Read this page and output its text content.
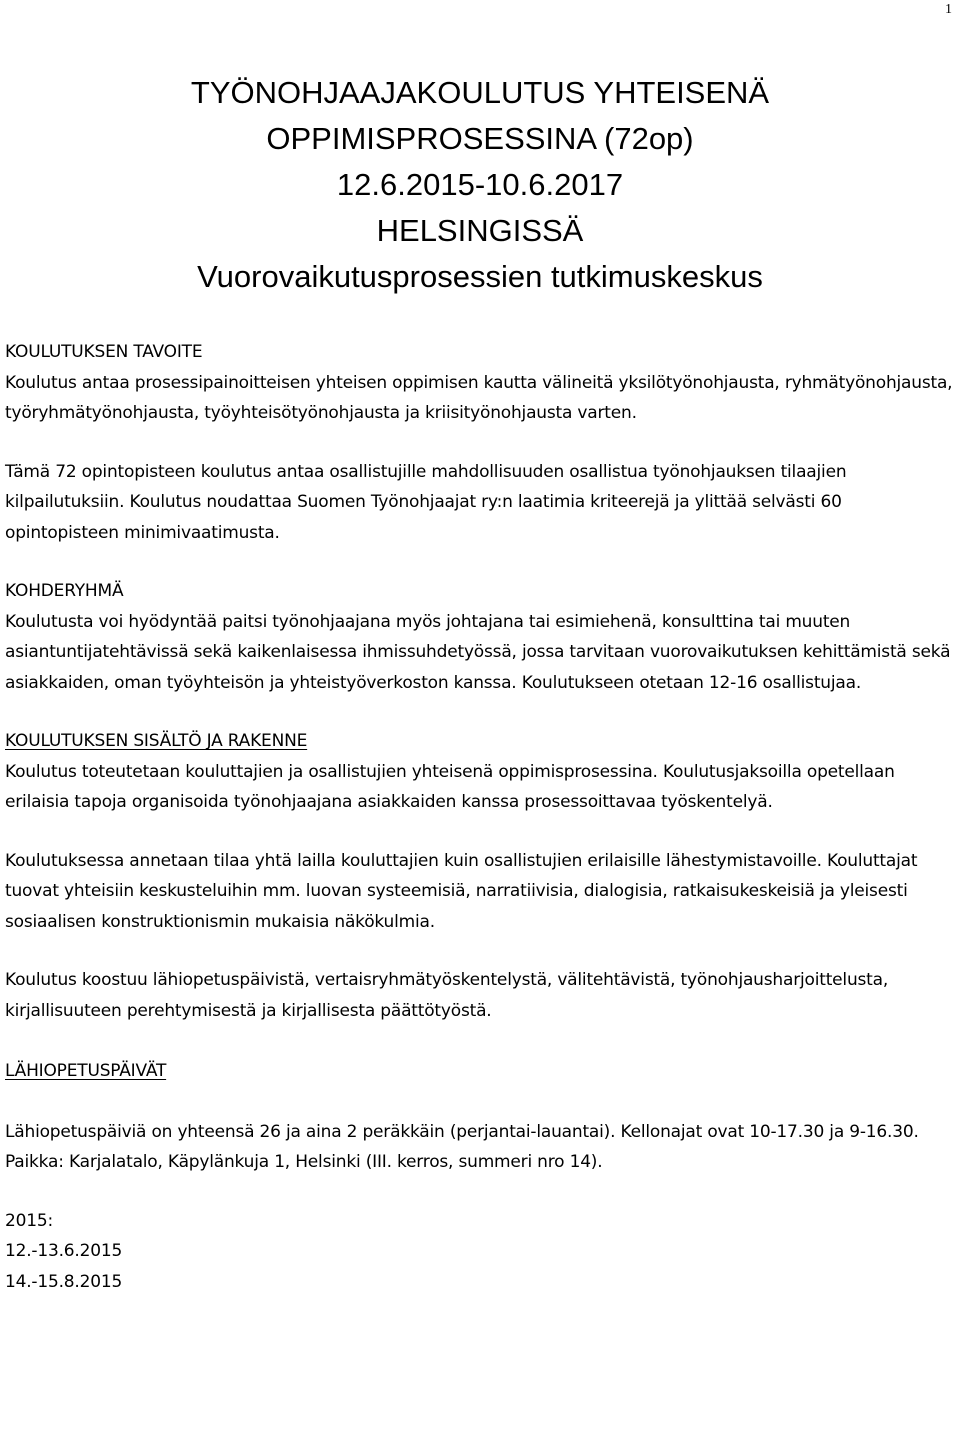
1
TYÖNOHJAAJAKOULUTUS YHTEISENÄ
OPPIMISPROSESSINA (72op)
12.6.2015-10.6.2017
HELSINGISSÄ
Vuorovaikutusprosessien tutkimuskeskus
KOULUTUKSEN TAVOITE

Koulutus antaa prosessipainoitteisen yhteisen oppimisen kautta välineitä yksilötyönohjausta, ryhmätyönohjausta, työryhmätyönohjausta, työyhteisötyönohjausta ja kriisityönohjausta varten.

Tämä 72 opintopisteen koulutus antaa osallistujille mahdollisuuden osallistua työnohjauksen tilaajien kilpailutuksiin. Koulutus noudattaa Suomen Työnohjaajat ry:n laatimia kriteerejä ja ylittää selvästi 60 opintopisteen minimivaatimusta.

KOHDERYHMÄ

Koulutusta voi hyödyntää paitsi työnohjaajana myös johtajana tai esimiehenä, konsulttina tai muuten asiantuntijatehtävissä sekä kaikenlaisessa ihmissuhdetyössä, jossa tarvitaan vuorovaikutuksen kehittämistä sekä asiakkaiden, oman työyhteisön ja yhteistyöverkoston kanssa. Koulutukseen otetaan 12-16 osallistujaa.

KOULUTUKSEN SISÄLTÖ JA RAKENNE

Koulutus toteutetaan kouluttajien ja osallistujien yhteisenä oppimisprosessina. Koulutusjaksoilla opetellaan erilaisia tapoja organisoida työnohjaajana asiakkaiden kanssa prosessoittavaa työskentelyä.

Koulutuksessa annetaan tilaa yhtä lailla kouluttajien kuin osallistujien erilaisille lähestymistavoille. Kouluttajat tuovat yhteisiin keskusteluihin mm. luovan systeemisiä, narratiivisia, dialogisia, ratkaisukeskeisiä ja yleisesti sosiaalisen konstruktionismin mukaisia näkökulmia.

Koulutus koostuu lähiopetuspäivistä, vertaisryhmätyöskentelystä, välitehtävistä, työnohjausharjoittelusta, kirjallisuuteen perehtymisestä ja kirjallisesta päättötyöstä.

LÄHIOPETUSPÄIVÄT

Lähiopetuspäiviä on yhteensä 26 ja aina 2 peräkkäin (perjantai-lauantai). Kellonajat ovat 10-17.30 ja 9-16.30. Paikka: Karjalatalo, Käpylänkuja 1, Helsinki (III. kerros, summeri nro 14).

2015:

12.-13.6.2015

14.-15.8.2015
